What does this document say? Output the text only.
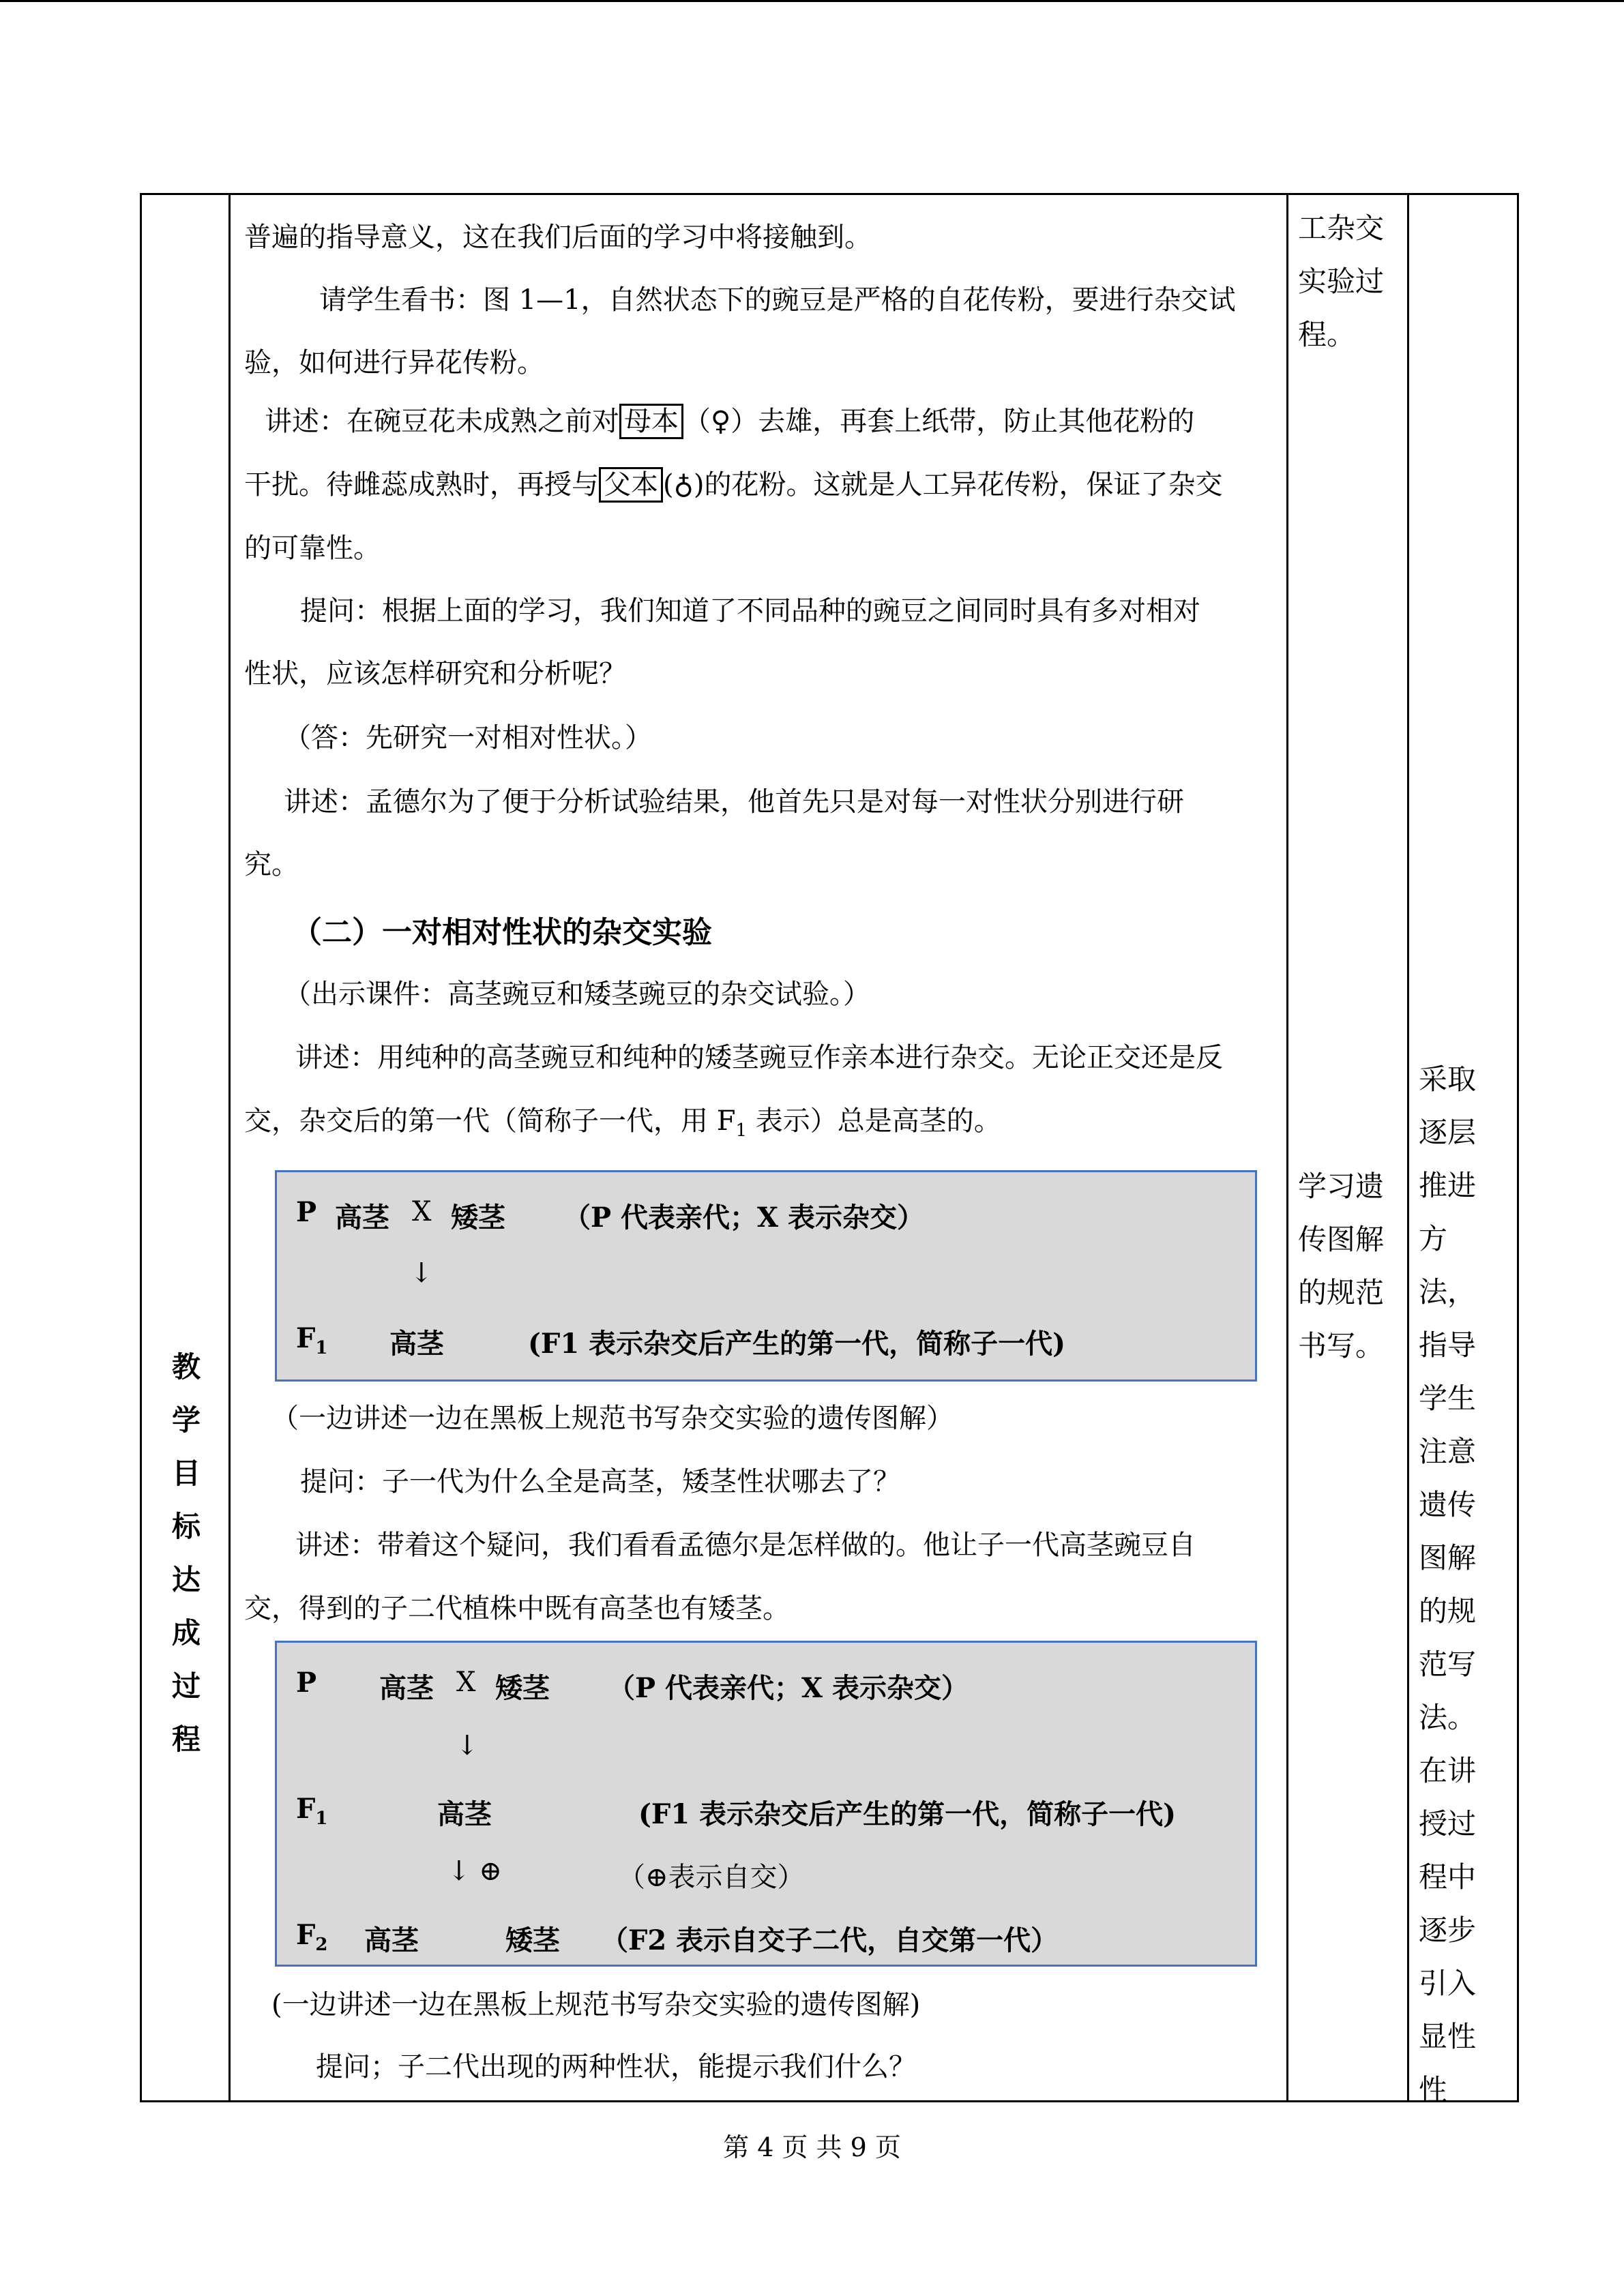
教
学
目
标
达
成
过
程
普遍的指导意义，这在我们后面的学习中将接触到。
请学生看书：图 1—1，自然状态下的豌豆是严格的自花传粉，要进行杂交试
验，如何进行异花传粉。
讲述：在碗豆花未成熟之前对 母本 （♀）去雄，再套上纸带，防止其他花粉的
干扰。待雌蕊成熟时，再授与 父本 (♁)的花粉。这就是人工异花传粉，保证了杂交
的可靠性。
提问：根据上面的学习，我们知道了不同品种的豌豆之间同时具有多对相对
性状，应该怎样研究和分析呢？
（答：先研究一对相对性状。）
讲述：孟德尔为了便于分析试验结果，他首先只是对每一对性状分别进行研
究。
（二）一对相对性状的杂交实验
（出示课件：高茎豌豆和矮茎豌豆的杂交试验。）
讲述：用纯种的高茎豌豆和纯种的矮茎豌豆作亲本进行杂交。无论正交还是反
交，杂交后的第一代（简称子一代，用 $F_1$ 表示）总是高茎的。
P 高茎 X 矮茎 （P 代表亲代；X 表示杂交）
↓
$F_1$ 高茎	(F1 表示杂交后产生的第一代，简称子一代)
（一边讲述一边在黑板上规范书写杂交实验的遗传图解）
提问：子一代为什么全是高茎，矮茎性状哪去了？
讲述：带着这个疑问，我们看看孟德尔是怎样做的。他让子一代高茎豌豆自
交，得到的子二代植株中既有高茎也有矮茎。
P 高茎 X 矮茎 （P 代表亲代；X 表示杂交）
↓
$F_1$	高茎	(F1 表示杂交后产生的第一代，简称子一代)
↓ ⊕	（⊕表示自交）
$F_2$ 高茎	矮茎 （F2 表示自交子二代，自交第一代）
(一边讲述一边在黑板上规范书写杂交实验的遗传图解)
提问；子二代出现的两种性状，能提示我们什么？
工杂交
实验过
程。
学习遗
传图解
的规范
书写。
采取
逐层
推进
方
法，
指导
学生
注意
遗传
图解
的规
范写
法。
在讲
授过
程中
逐步
引入
显性
性
第 4 页 共 9 页
